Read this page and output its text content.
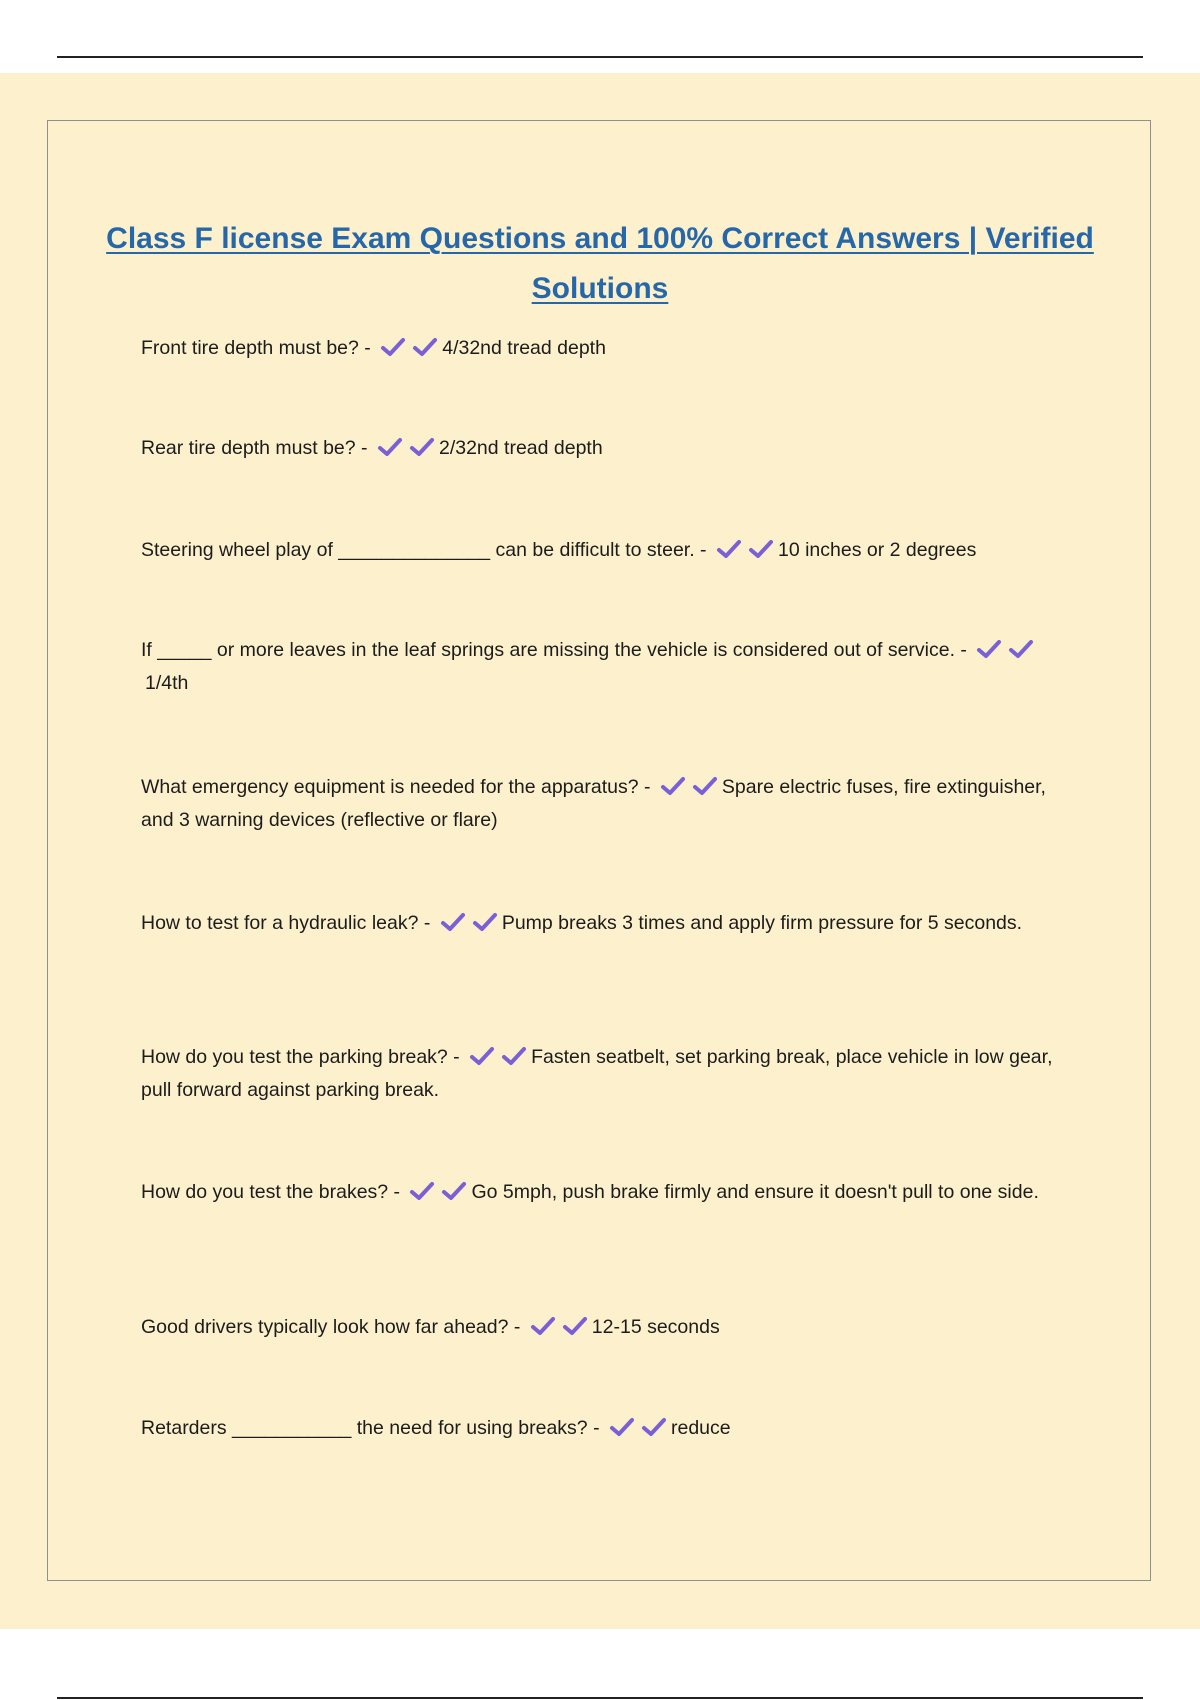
Class F license Exam Questions and 100% Correct Answers | Verified Solutions

Front tire depth must be? -	4/32nd tread depth

Rear tire depth must be? -	2/32nd tread depth

Steering wheel play of ______________ can be difficult to steer. -	10 inches or 2 degrees

If _____ or more leaves in the leaf springs are missing the vehicle is considered out of service. -
1/4th

What emergency equipment is needed for the apparatus? -	Spare electric fuses, fire extinguisher, and 3 warning devices (reflective or flare)

How to test for a hydraulic leak? -	Pump breaks 3 times and apply firm pressure for 5 seconds.

How do you test the parking break? -	Fasten seatbelt, set parking break, place vehicle in low gear, pull forward against parking break.

How do you test the brakes? -	Go 5mph, push brake firmly and ensure it doesn't pull to one side.

Good drivers typically look how far ahead? -	12-15 seconds

Retarders ___________ the need for using breaks? -	reduce
